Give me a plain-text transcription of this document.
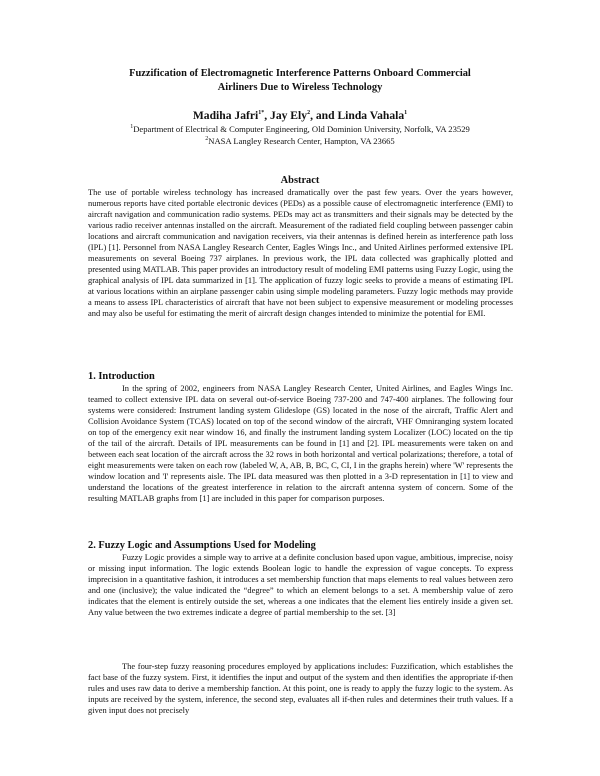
Fuzzification of Electromagnetic Interference Patterns Onboard Commercial
Airliners Due to Wireless Technology
Madiha Jafri$^{1*}$, Jay Ely$^2$, and Linda Vahala$^1$
$^1$Department of Electrical & Computer Engineering, Old Dominion University, Norfolk, VA 23529
$^2$NASA Langley Research Center, Hampton, VA 23665
Abstract

The use of portable wireless technology has increased dramatically over the past few years. Over the years however, numerous reports have cited portable electronic devices (PEDs) as a possible cause of electromagnetic interference (EMI) to aircraft navigation and communication radio systems. PEDs may act as transmitters and their signals may be detected by the various radio receiver antennas installed on the aircraft. Measurement of the radiated field coupling between passenger cabin locations and aircraft communication and navigation receivers, via their antennas is defined herein as interference path loss (IPL) [1]. Personnel from NASA Langley Research Center, Eagles Wings Inc., and United Airlines performed extensive IPL measurements on several Boeing 737 airplanes. In previous work, the IPL data collected was graphically plotted and presented using MATLAB. This paper provides an introductory result of modeling EMI patterns using Fuzzy Logic, using the graphical analysis of IPL data summarized in [1]. The application of fuzzy logic seeks to provide a means of estimating IPL at various locations within an airplane passenger cabin using simple modeling parameters. Fuzzy logic methods may provide a means to assess IPL characteristics of aircraft that have not been subject to expensive measurement or modeling processes and may also be useful for estimating the merit of aircraft design changes intended to minimize the potential for EMI.

1. Introduction

In the spring of 2002, engineers from NASA Langley Research Center, United Airlines, and Eagles Wings Inc. teamed to collect extensive IPL data on several out-of-service Boeing 737-200 and 747-400 airplanes. The following four systems were considered: Instrument landing system Glideslope (GS) located in the nose of the aircraft, Traffic Alert and Collision Avoidance System (TCAS) located on top of the second window of the aircraft, VHF Omniranging system located on top of the emergency exit near window 16, and finally the instrument landing system Localizer (LOC) located on the tip of the tail of the aircraft. Details of IPL measurements can be found in [1] and [2]. IPL measurements were taken on and between each seat location of the aircraft across the 32 rows in both horizontal and vertical polarizations; therefore, a total of eight measurements were taken on each row (labeled W, A, AB, B, BC, C, CI, I in the graphs herein) where 'W' represents the window location and 'I' represents aisle. The IPL data measured was then plotted in a 3-D representation in [1] to view and understand the locations of the greatest interference in relation to the aircraft antenna system of concern. Some of the resulting MATLAB graphs from [1] are included in this paper for comparison purposes.

2. Fuzzy Logic and Assumptions Used for Modeling

Fuzzy Logic provides a simple way to arrive at a definite conclusion based upon vague, ambitious, imprecise, noisy or missing input information. The logic extends Boolean logic to handle the expression of vague concepts. To express imprecision in a quantitative fashion, it introduces a set membership function that maps elements to real values between zero and one (inclusive); the value indicated the “degree” to which an element belongs to a set. A membership value of zero indicates that the element is entirely outside the set, whereas a one indicates that the element lies entirely inside a given set. Any value between the two extremes indicate a degree of partial membership to the set. [3]

The four-step fuzzy reasoning procedures employed by applications includes: Fuzzification, which establishes the fact base of the fuzzy system. First, it identifies the input and output of the system and then identifies the appropriate if-then rules and uses raw data to derive a membership fanction. At this point, one is ready to apply the fuzzy logic to the system. As inputs are received by the system, inference, the second step, evaluates all if-then rules and determines their truth values. If a given input does not precisely
